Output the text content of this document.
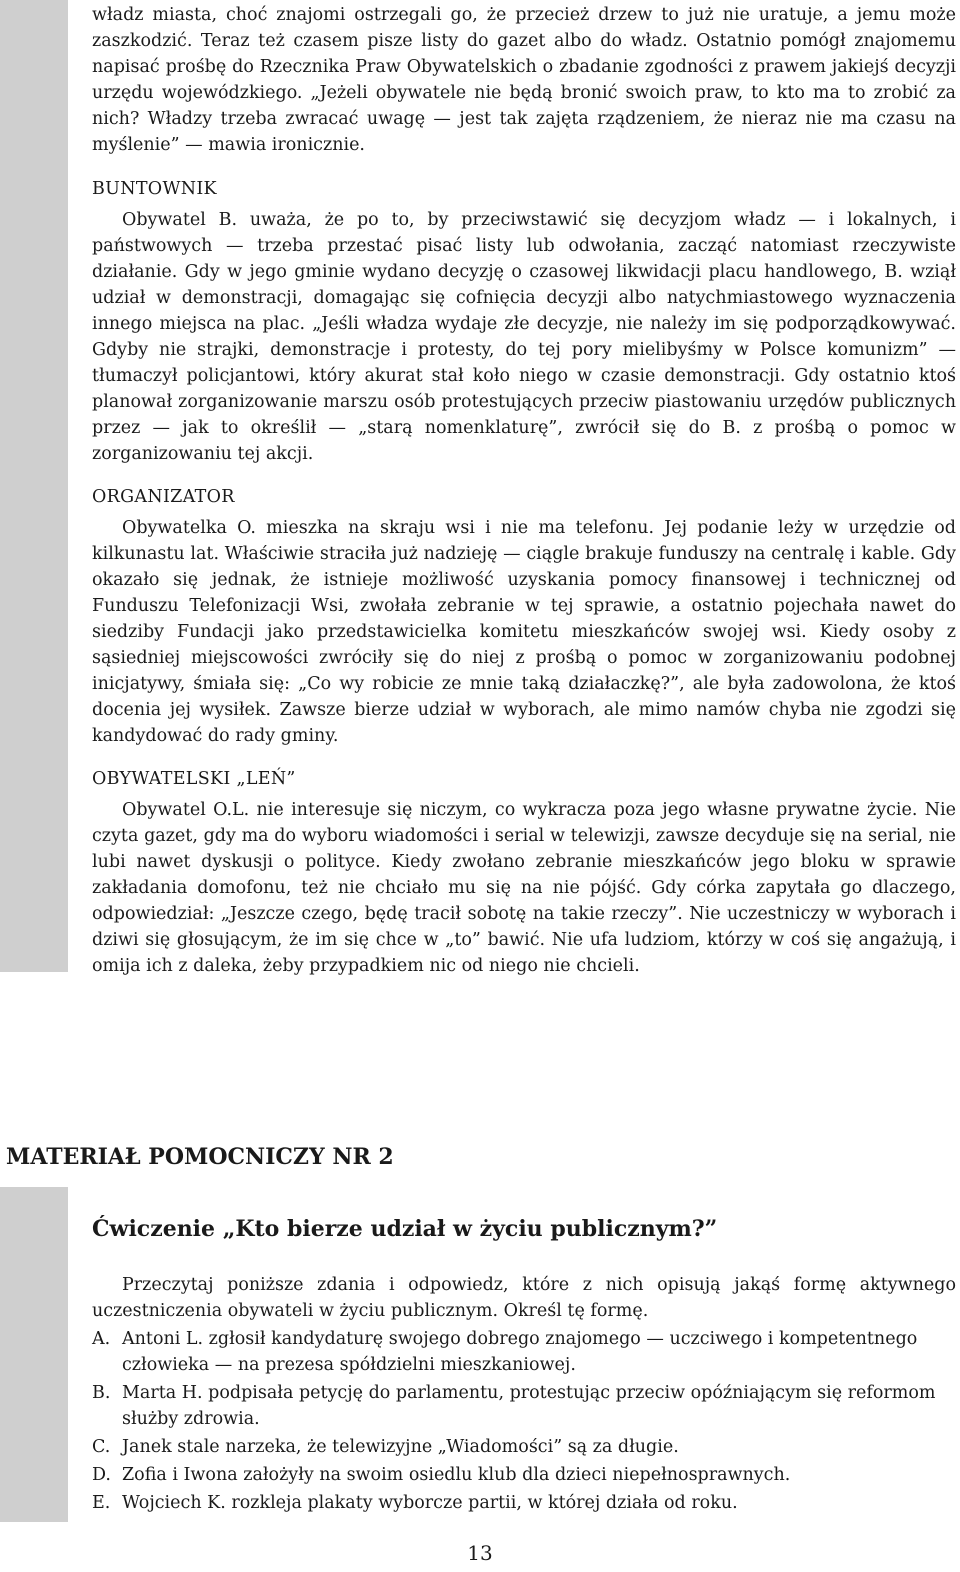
władz miasta, choć znajomi ostrzegali go, że przecież drzew to już nie uratuje, a jemu może zaszkodzić. Teraz też czasem pisze listy do gazet albo do władz. Ostatnio pomógł znajomemu napisać prośbę do Rzecznika Praw Obywatelskich o zbadanie zgodności z prawem jakiejś decyzji urzędu wojewódzkiego. „Jeżeli obywatele nie będą bronić swoich praw, to kto ma to zrobić za nich? Władzy trzeba zwracać uwagę — jest tak zajęta rządzeniem, że nieraz nie ma czasu na myślenie” — mawia ironicznie.

BUNTOWNIK

Obywatel B. uważa, że po to, by przeciwstawić się decyzjom władz — i lokalnych, i państwowych — trzeba przestać pisać listy lub odwołania, zacząć natomiast rzeczywiste działanie. Gdy w jego gminie wydano decyzję o czasowej likwidacji placu handlowego, B. wziął udział w demonstracji, domagając się cofnięcia decyzji albo natychmiastowego wyznaczenia innego miejsca na plac. „Jeśli władza wydaje złe decyzje, nie należy im się podporządkowywać. Gdyby nie strajki, demonstracje i protesty, do tej pory mielibyśmy w Polsce komunizm” — tłumaczył policjantowi, który akurat stał koło niego w czasie demonstracji. Gdy ostatnio ktoś planował zorganizowanie marszu osób protestujących przeciw piastowaniu urzędów publicznych przez — jak to określił — „starą nomenklaturę”, zwrócił się do B. z prośbą o pomoc w zorganizowaniu tej akcji.

ORGANIZATOR

Obywatelka O. mieszka na skraju wsi i nie ma telefonu. Jej podanie leży w urzędzie od kilkunastu lat. Właściwie straciła już nadzieję — ciągle brakuje funduszy na centralę i kable. Gdy okazało się jednak, że istnieje możliwość uzyskania pomocy finansowej i technicznej od Funduszu Telefonizacji Wsi, zwołała zebranie w tej sprawie, a ostatnio pojechała nawet do siedziby Fundacji jako przedstawicielka komitetu mieszkańców swojej wsi. Kiedy osoby z sąsiedniej miejscowości zwróciły się do niej z prośbą o pomoc w zorganizowaniu podobnej inicjatywy, śmiała się: „Co wy robicie ze mnie taką działaczkę?”, ale była zadowolona, że ktoś docenia jej wysiłek. Zawsze bierze udział w wyborach, ale mimo namów chyba nie zgodzi się kandydować do rady gminy.

OBYWATELSKI „LEŃ”

Obywatel O.L. nie interesuje się niczym, co wykracza poza jego własne prywatne życie. Nie czyta gazet, gdy ma do wyboru wiadomości i serial w telewizji, zawsze decyduje się na serial, nie lubi nawet dyskusji o polityce. Kiedy zwołano zebranie mieszkańców jego bloku w sprawie zakładania domofonu, też nie chciało mu się na nie pójść. Gdy córka zapytała go dlaczego, odpowiedział: „Jeszcze czego, będę tracił sobotę na takie rzeczy”. Nie uczestniczy w wyborach i dziwi się głosującym, że im się chce w „to” bawić. Nie ufa ludziom, którzy w coś się angażują, i omija ich z daleka, żeby przypadkiem nic od niego nie chcieli.

MATERIAŁ POMOCNICZY NR 2
Ćwiczenie „Kto bierze udział w życiu publicznym?”

Przeczytaj poniższe zdania i odpowiedz, które z nich opisują jakąś formę aktywnego uczestniczenia obywateli w życiu publicznym. Określ tę formę.

A. Antoni L. zgłosił kandydaturę swojego dobrego znajomego — uczciwego i kompetentnego człowieka — na prezesa spółdzielni mieszkaniowej.
B. Marta H. podpisała petycję do parlamentu, protestując przeciw opóźniającym się reformom służby zdrowia.
C. Janek stale narzeka, że telewizyjne „Wiadomości” są za długie.
D. Zofia i Iwona założyły na swoim osiedlu klub dla dzieci niepełnosprawnych.
E. Wojciech K. rozkleja plakaty wyborcze partii, w której działa od roku.
13
